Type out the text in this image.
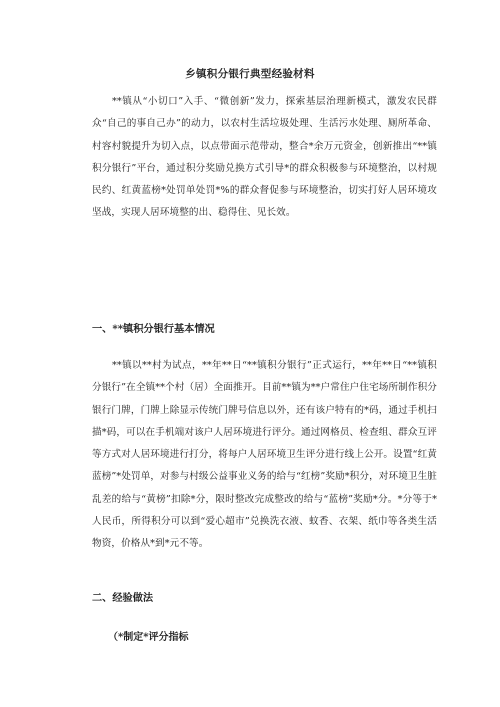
乡镇积分银行典型经验材料

**镇从“小切口”入手、“微创新”发力，探索基层治理新模式，激发农民群众“自己的事自己办”的动力，以农村生活垃圾处理、生活污水处理、厕所革命、村容村貌提升为切入点，以点带面示范带动，整合*余万元资金，创新推出“**镇积分银行”平台，通过积分奖励兑换方式引导*的群众积极参与环境整治，以村规民约、红黄蓝榜*处罚单处罚*%的群众督促参与环境整治，切实打好人居环境攻坚战，实现人居环境整的出、稳得住、见长效。

一、**镇积分银行基本情况

**镇以**村为试点，**年**日“**镇积分银行”正式运行，**年**日“**镇积分银行”在全镇**个村（居）全面推开。目前**镇为**户常住户住宅场所制作积分银行门牌，门牌上除显示传统门牌号信息以外，还有该户特有的*码，通过手机扫描*码，可以在手机端对该户人居环境进行评分。通过网格员、检查组、群众互评等方式对人居环境进行打分，将每户人居环境卫生评分进行线上公开。设置“红黄蓝榜”*处罚单，对参与村级公益事业义务的给与“红榜”奖励*积分，对环境卫生脏乱差的给与“黄榜”扣除*分，限时整改完成整改的给与“蓝榜”奖励*分。*分等于*人民币，所得积分可以到“爱心超市”兑换洗衣液、蚊香、衣架、纸巾等各类生活物资，价格从*到*元不等。

二、经验做法
（*制定*评分指标
